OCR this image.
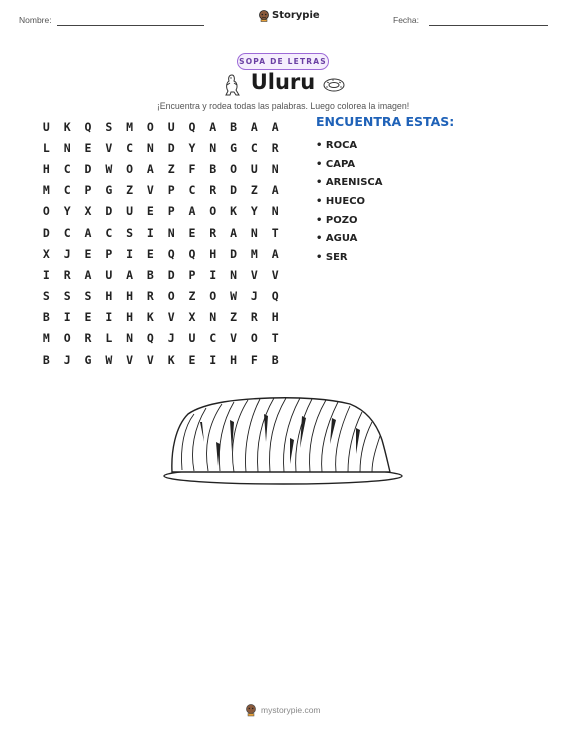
Nombre:	Storypie	Fecha:
SOPA DE LETRAS
Uluru
¡Encuentra y rodea todas las palabras. Luego colorea la imagen!
U	K	Q	S	M	O	U	Q	A	B	A	A
L	N	E	V	C	N	D	Y	N	G	C	R
H	C	D	W	O	A	Z	F	B	O	U	N
M	C	P	G	Z	V	P	C	R	D	Z	A
O	Y	X	D	U	E	P	A	O	K	Y	N
D	C	A	C	S	I	N	E	R	A	N	T
X	J	E	P	I	E	Q	Q	H	D	M	A
I	R	A	U	A	B	D	P	I	N	V	V
S	S	S	H	H	R	O	Z	O	W	J	Q
B	I	E	I	H	K	V	X	N	Z	R	H
M	O	R	L	N	Q	J	U	C	V	O	T
B	J	G	W	V	V	K	E	I	H	F	B
ENCUENTRA ESTAS:
• ROCA
• CAPA
• ARENISCA
• HUECO
• POZO
• AGUA
• SER
mystorypie.com
